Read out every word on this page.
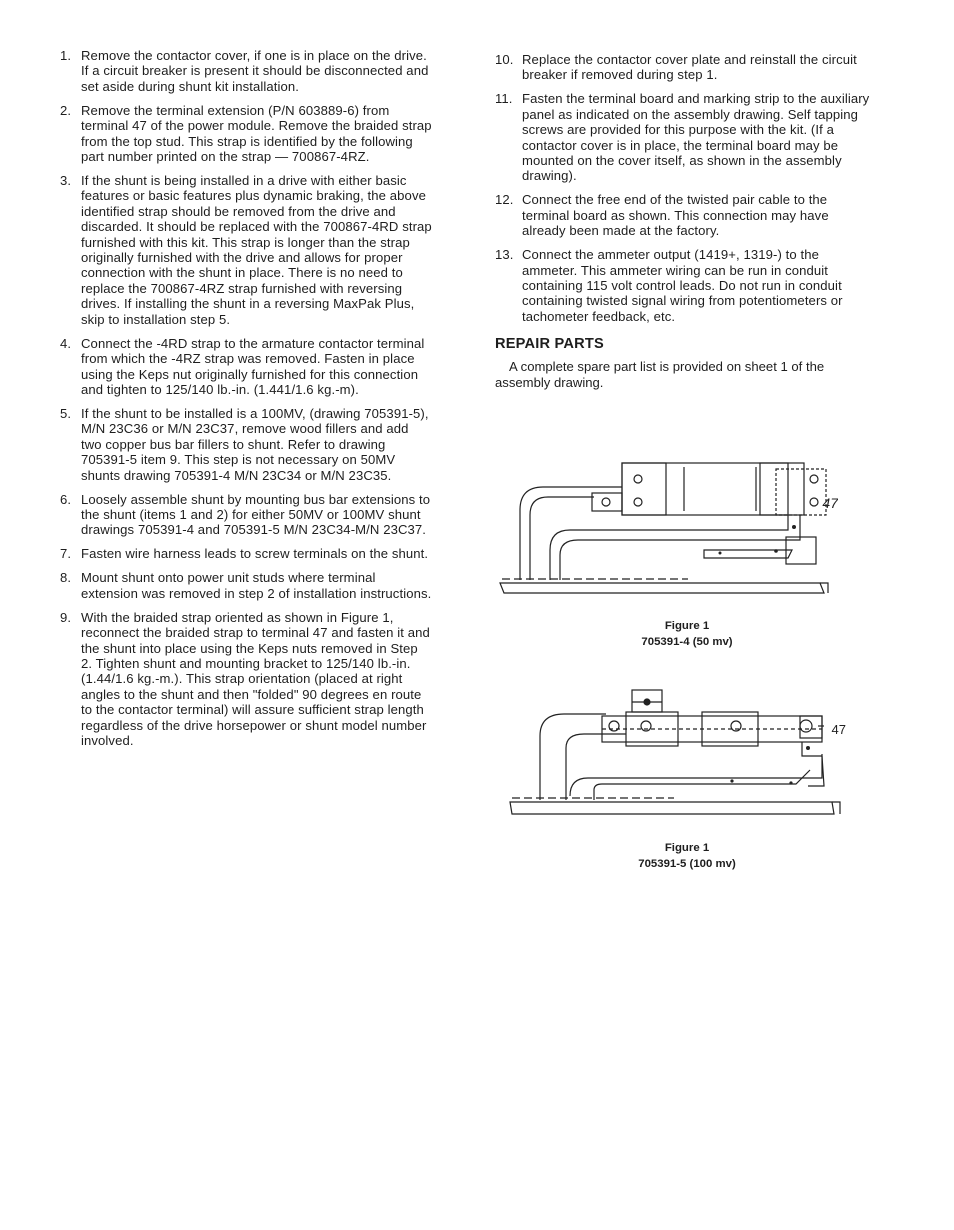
1. Remove the contactor cover, if one is in place on the drive. If a circuit breaker is present it should be disconnected and set aside during shunt kit installation.
2. Remove the terminal extension (P/N 603889-6) from terminal 47 of the power module. Remove the braided strap from the top stud. This strap is identified by the following part number printed on the strap — 700867-4RZ.
3. If the shunt is being installed in a drive with either basic features or basic features plus dynamic braking, the above identified strap should be removed from the drive and discarded. It should be replaced with the 700867-4RD strap furnished with this kit. This strap is longer than the strap originally furnished with the drive and allows for proper connection with the shunt in place. There is no need to replace the 700867-4RZ strap furnished with reversing drives. If installing the shunt in a reversing MaxPak Plus, skip to installation step 5.
4. Connect the -4RD strap to the armature contactor terminal from which the -4RZ strap was removed. Fasten in place using the Keps nut originally furnished for this connection and tighten to 125/140 lb.-in. (1.441/1.6 kg.-m).
5. If the shunt to be installed is a 100MV, (drawing 705391-5), M/N 23C36 or M/N 23C37, remove wood fillers and add two copper bus bar fillers to shunt. Refer to drawing 705391-5 item 9. This step is not necessary on 50MV shunts drawing 705391-4 M/N 23C34 or M/N 23C35.
6. Loosely assemble shunt by mounting bus bar extensions to the shunt (items 1 and 2) for either 50MV or 100MV shunt drawings 705391-4 and 705391-5 M/N 23C34-M/N 23C37.
7. Fasten wire harness leads to screw terminals on the shunt.
8. Mount shunt onto power unit studs where terminal extension was removed in step 2 of installation instructions.
9. With the braided strap oriented as shown in Figure 1, reconnect the braided strap to terminal 47 and fasten it and the shunt into place using the Keps nuts removed in Step 2. Tighten shunt and mounting bracket to 125/140 lb.-in. (1.44/1.6 kg.-m.). This strap orientation (placed at right angles to the shunt and then "folded" 90 degrees en route to the contactor terminal) will assure sufficient strap length regardless of the drive horsepower or shunt model number involved.
10. Replace the contactor cover plate and reinstall the circuit breaker if removed during step 1.
11. Fasten the terminal board and marking strip to the auxiliary panel as indicated on the assembly drawing. Self tapping screws are provided for this purpose with the kit. (If a contactor cover is in place, the terminal board may be mounted on the cover itself, as shown in the assembly drawing).
12. Connect the free end of the twisted pair cable to the terminal board as shown. This connection may have already been made at the factory.
13. Connect the ammeter output (1419+, 1319-) to the ammeter. This ammeter wiring can be run in conduit containing 115 volt control leads. Do not run in conduit containing twisted signal wiring from potentiometers or tachometer feedback, etc.
REPAIR PARTS

A complete spare part list is provided on sheet 1 of the assembly drawing.

47
Figure 1
705391-4 (50 mv)
47
Figure 1
705391-5 (100 mv)
